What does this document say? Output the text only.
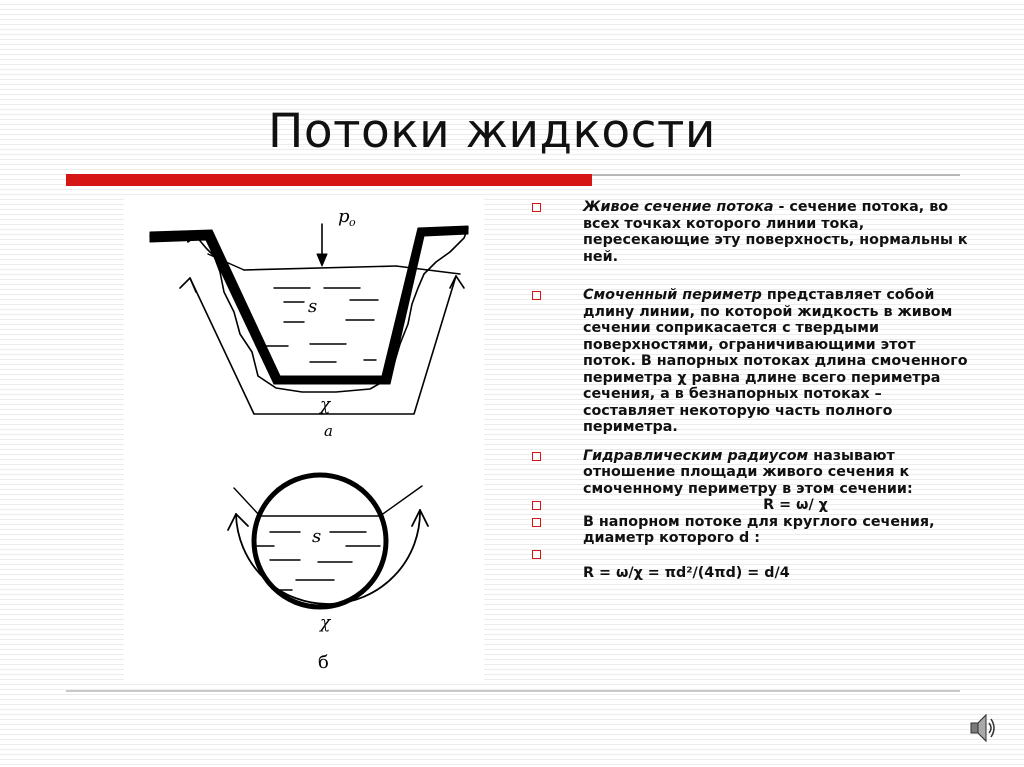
Потоки жидкости
p o
s
χ
a
s
χ
б
Живое сечение потока - сечение потока, во всех точках которого линии тока, пересекающие эту поверхность, нормальны к ней.
Смоченный периметр представляет собой длину линии, по которой жидкость в живом сечении соприкасается с твердыми поверхностями, ограничивающими этот поток. В напорных потоках длина смоченного периметра χ равна длине всего периметра сечения, а в безнапорных потоках – составляет некоторую часть полного периметра.
Гидравлическим радиусом называют отношение площади живого сечения к смоченному периметру в этом сечении:
R = ω/ χ
В напорном потоке для круглого сечения, диаметр которого d :
R = ω/χ = πd²/(4πd) = d/4
